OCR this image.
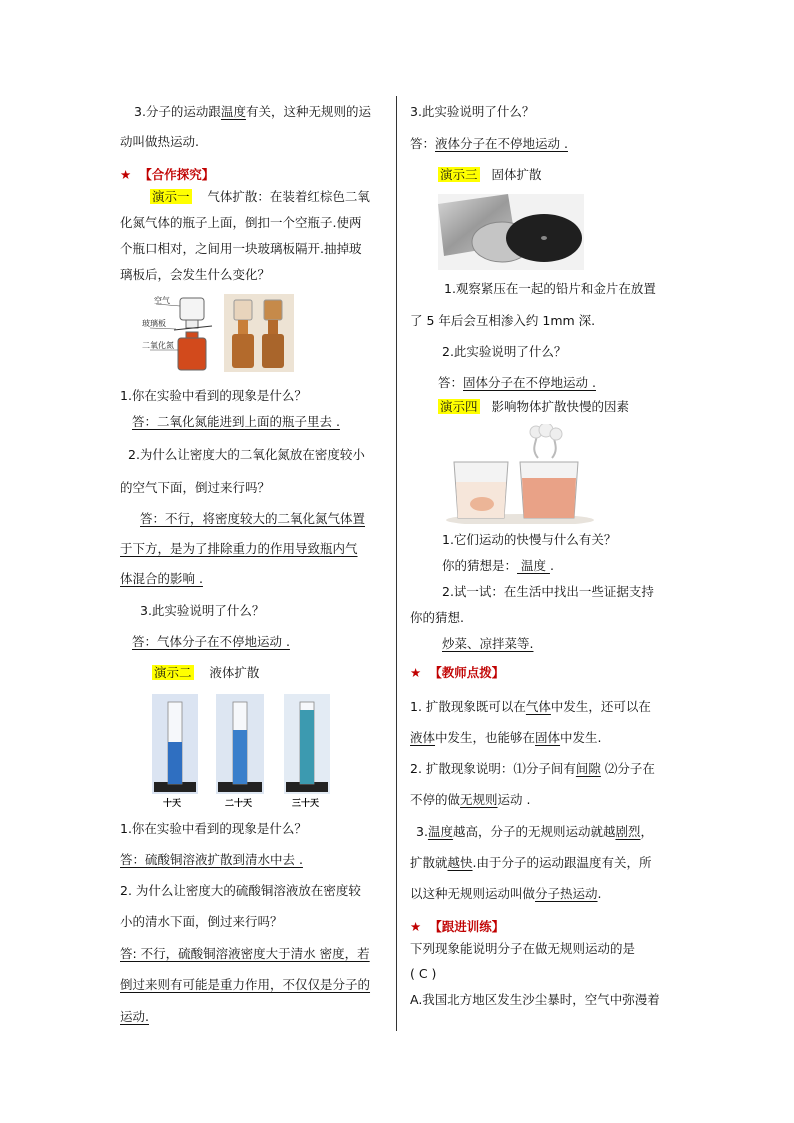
3.分子的运动跟温度有关，这种无规则的运
动叫做热运动.
★ 【合作探究】
演示一 气体扩散：在装着红棕色二氧
化氮气体的瓶子上面，倒扣一个空瓶子.使两
个瓶口相对，之间用一块玻璃板隔开.抽掉玻
璃板后，会发生什么变化？
空气
玻璃板
二氧化氮
1.你在实验中看到的现象是什么？
答：二氧化氮能进到上面的瓶子里去 .
2.为什么让密度大的二氧化氮放在密度较小
的空气下面，倒过来行吗？
答：不行，将密度较大的二氧化氮气体置
于下方，是为了排除重力的作用导致瓶内气
体混合的影响 .
3.此实验说明了什么？
答：气体分子在不停地运动 .
演示二 液体扩散
十天	二十天	三十天
1.你在实验中看到的现象是什么？
答：硫酸铜溶液扩散到清水中去 .
2. 为什么让密度大的硫酸铜溶液放在密度较
小的清水下面，倒过来行吗？
答: 不行，硫酸铜溶液密度大于清水 密度，若
倒过来则有可能是重力作用，不仅仅是分子的
运动.
3.此实验说明了什么？
答：液体分子在不停地运动 .
演示三 固体扩散
1.观察紧压在一起的铅片和金片在放置
了 5 年后会互相渗入约 1mm 深.
2.此实验说明了什么？
答：固体分子在不停地运动 .
演示四 影响物体扩散快慢的因素
1.它们运动的快慢与什么有关？
你的猜想是： 温度 .
2.试一试：在生活中找出一些证据支持
你的猜想.
炒菜、凉拌菜等.
★ 【教师点拨】
1. 扩散现象既可以在气体中发生，还可以在
液体中发生，也能够在固体中发生.
2. 扩散现象说明：⑴分子间有间隙 ⑵分子在
不停的做无规则运动 .
3.温度越高，分子的无规则运动就越剧烈，
扩散就越快.由于分子的运动跟温度有关，所
以这种无规则运动叫做分子热运动.
★ 【跟进训练】
下列现象能说明分子在做无规则运动的是
( C )
A.我国北方地区发生沙尘暴时，空气中弥漫着
